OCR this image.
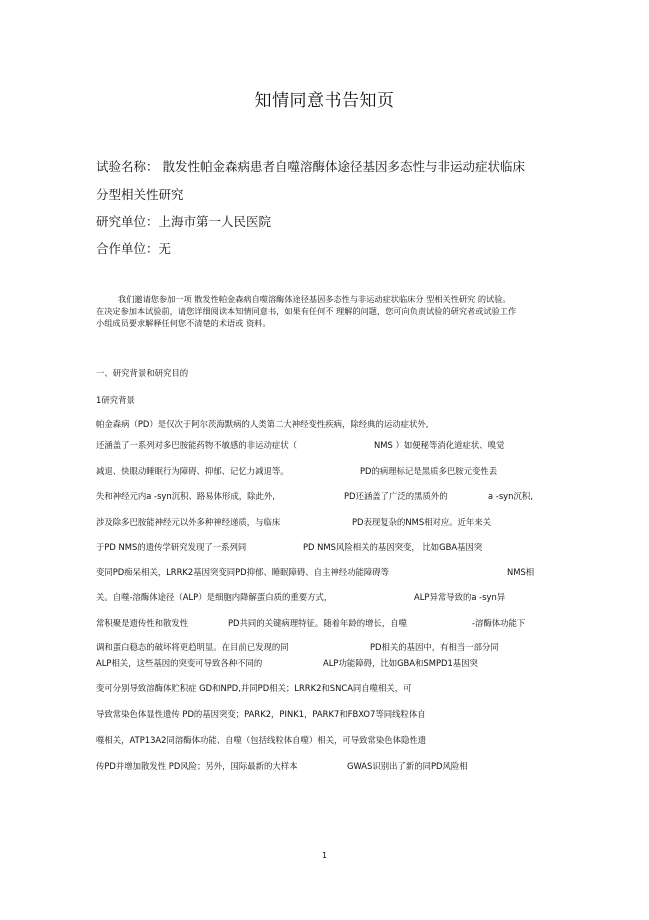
知情同意书告知页
试验名称： 散发性帕金森病患者自噬溶酶体途径基因多态性与非运动症状临床
分型相关性研究
研究单位：上海市第一人民医院
合作单位：无

我们邀请您参加一项 散发性帕金森病自噬溶酶体途径基因多态性与非运动症状临床分 型相关性研究 的试验。

在决定参加本试验前，请您详细阅读本知情同意书，如果有任何不 理解的问题，您可向负责试验的研究者或试验工作

小组成员要求解释任何您不清楚的术语或 资料。

一、研究背景和研究目的
1研究背景
帕金森病（PD）是仅次于阿尔茨海默病的人类第二大神经变性疾病，除经典的运动症状外,
还涵盖了一系列对多巴胺能药物不敏感的非运动症状（	NMS ）如便秘等消化道症状、嗅觉
减退、快眼动睡眠行为障碍、抑郁、记忆力减退等。	PD的病理标记是黑质多巴胺元变性丢
失和神经元内a -syn沉积、路易体形成，除此外,	PD还涵盖了广泛的黑质外的	a -syn沉积,
涉及除多巴胺能神经元以外多种神经递质，与临床	PD表现复杂的NMS相对应。近年来关
于PD NMS的遗传学研究发现了一系列同	PD NMS风险相关的基因突变， 比如GBA基因突
变同PD痴呆相关，LRRK2基因突变同PD抑郁、睡眠障碍、自主神经功能障碍等	NMS相
关。自噬-溶酶体途径（ALP）是细胞内降解蛋白质的重要方式，	ALP异常导致的a -syn异
常积聚是遗传性和散发性	PD共同的关键病理特征。随着年龄的增长，自噬	-溶酶体功能下
调和蛋白稳态的破坏将更趋明显。在目前已发现的同	PD相关的基因中，有相当一部分同
ALP相关，这些基因的突变可导致各种不同的	ALP功能障碍，比如GBA和SMPD1基因突
变可分别导致溶酶体贮积症 GD和NPD,并同PD相关；LRRK2和SNCA同自噬相关，可
导致常染色体显性遗传 PD的基因突变；PARK2，PINK1，PARK7和FBXO7等同线粒体自
噬相关，ATP13A2同溶酶体功能、自噬（包括线粒体自噬）相关，可导致常染色体隐性遗
传PD并增加散发性 PD风险；另外，国际最新的大样本	GWAS识别出了新的同PD风险相
1
